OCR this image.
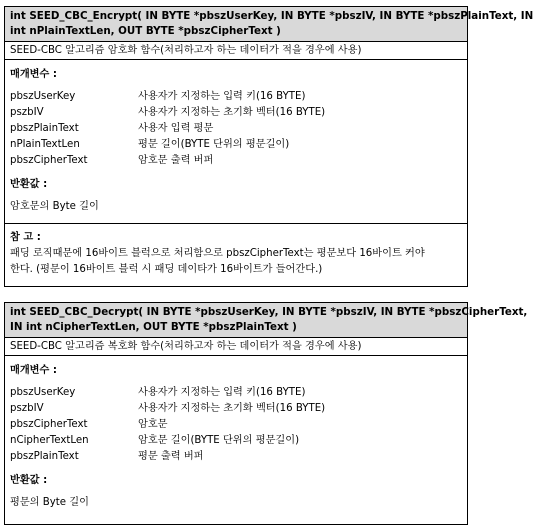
int SEED_CBC_Encrypt( IN BYTE *pbszUserKey, IN BYTE *pbszIV, IN BYTE *pbszPlainText, IN
int nPlainTextLen, OUT BYTE *pbszCipherText )
SEED-CBC 알고리즘 암호화 함수(처리하고자 하는 데이터가 적을 경우에 사용)
매개변수 :
pbszUserKey	사용자가 지정하는 입력 키(16 BYTE)
pszbIV	사용자가 지정하는 초기화 벡터(16 BYTE)
pbszPlainText	사용자 입력 평문
nPlainTextLen	평문 길이(BYTE 단위의 평문길이)
pbszCipherText	암호문 출력 버퍼
반환값 :
암호문의 Byte 길이
참 고 :
패딩 로직때문에 16바이트 블럭으로 처리함으로 pbszCipherText는 평문보다 16바이트 커야
한다. (평문이 16바이트 블럭 시 패딩 데이타가 16바이트가 들어간다.)
int SEED_CBC_Decrypt( IN BYTE *pbszUserKey, IN BYTE *pbszIV, IN BYTE *pbszCipherText,
IN int nCipherTextLen, OUT BYTE *pbszPlainText )
SEED-CBC 알고리즘 복호화 함수(처리하고자 하는 데이터가 적을 경우에 사용)
매개변수 :
pbszUserKey	사용자가 지정하는 입력 키(16 BYTE)
pszbIV	사용자가 지정하는 초기화 벡터(16 BYTE)
pbszCipherText	암호문
nCipherTextLen	암호문 길이(BYTE 단위의 평문길이)
pbszPlainText	평문 출력 버퍼
반환값 :
평문의 Byte 길이
